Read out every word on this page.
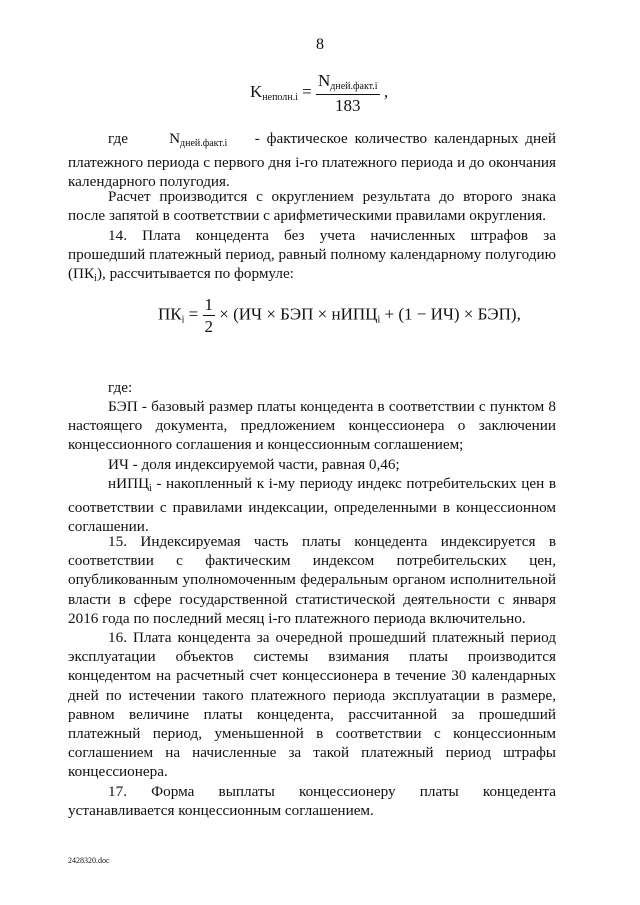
8
$K_{неполн.i} = \frac{N_{дней.факт.i}}{183}$ ,

где	$N_{дней.факт.i}$ - фактическое количество календарных дней платежного периода с первого дня i-го платежного периода и до окончания календарного полугодия.

Расчет производится с округлением результата до второго знака после запятой в соответствии с арифметическими правилами округления.

14. Плата концедента без учета начисленных штрафов за прошедший платежный период, равный полному календарному полугодию $(ПК_i)$, рассчитывается по формуле:

$ПК_i = \frac{1}{2} \times (ИЧ$ × БЭП × нИПЦ$_i$ + (1 − ИЧ) × БЭП),

где:

БЭП - базовый размер платы концедента в соответствии с пунктом 8 настоящего документа, предложением концессионера о заключении концессионного соглашения и концессионным соглашением;

ИЧ - доля индексируемой части, равная 0,46;

нИПЦ$_i$ - накопленный к i-му периоду индекс потребительских цен в соответствии с правилами индексации, определенными в концессионном соглашении.

15. Индексируемая часть платы концедента индексируется в соответствии с фактическим индексом потребительских цен, опубликованным уполномоченным федеральным органом исполнительной власти в сфере государственной статистической деятельности с января 2016 года по последний месяц i-го платежного периода включительно.

16. Плата концедента за очередной прошедший платежный период эксплуатации объектов системы взимания платы производится концедентом на расчетный счет концессионера в течение 30 календарных дней по истечении такого платежного периода эксплуатации в размере, равном величине платы концедента, рассчитанной за прошедший платежный период, уменьшенной в соответствии с концессионным соглашением на начисленные за такой платежный период штрафы концессионера.

17. Форма выплаты концессионеру платы концедента устанавливается концессионным соглашением.

2428320.doc
